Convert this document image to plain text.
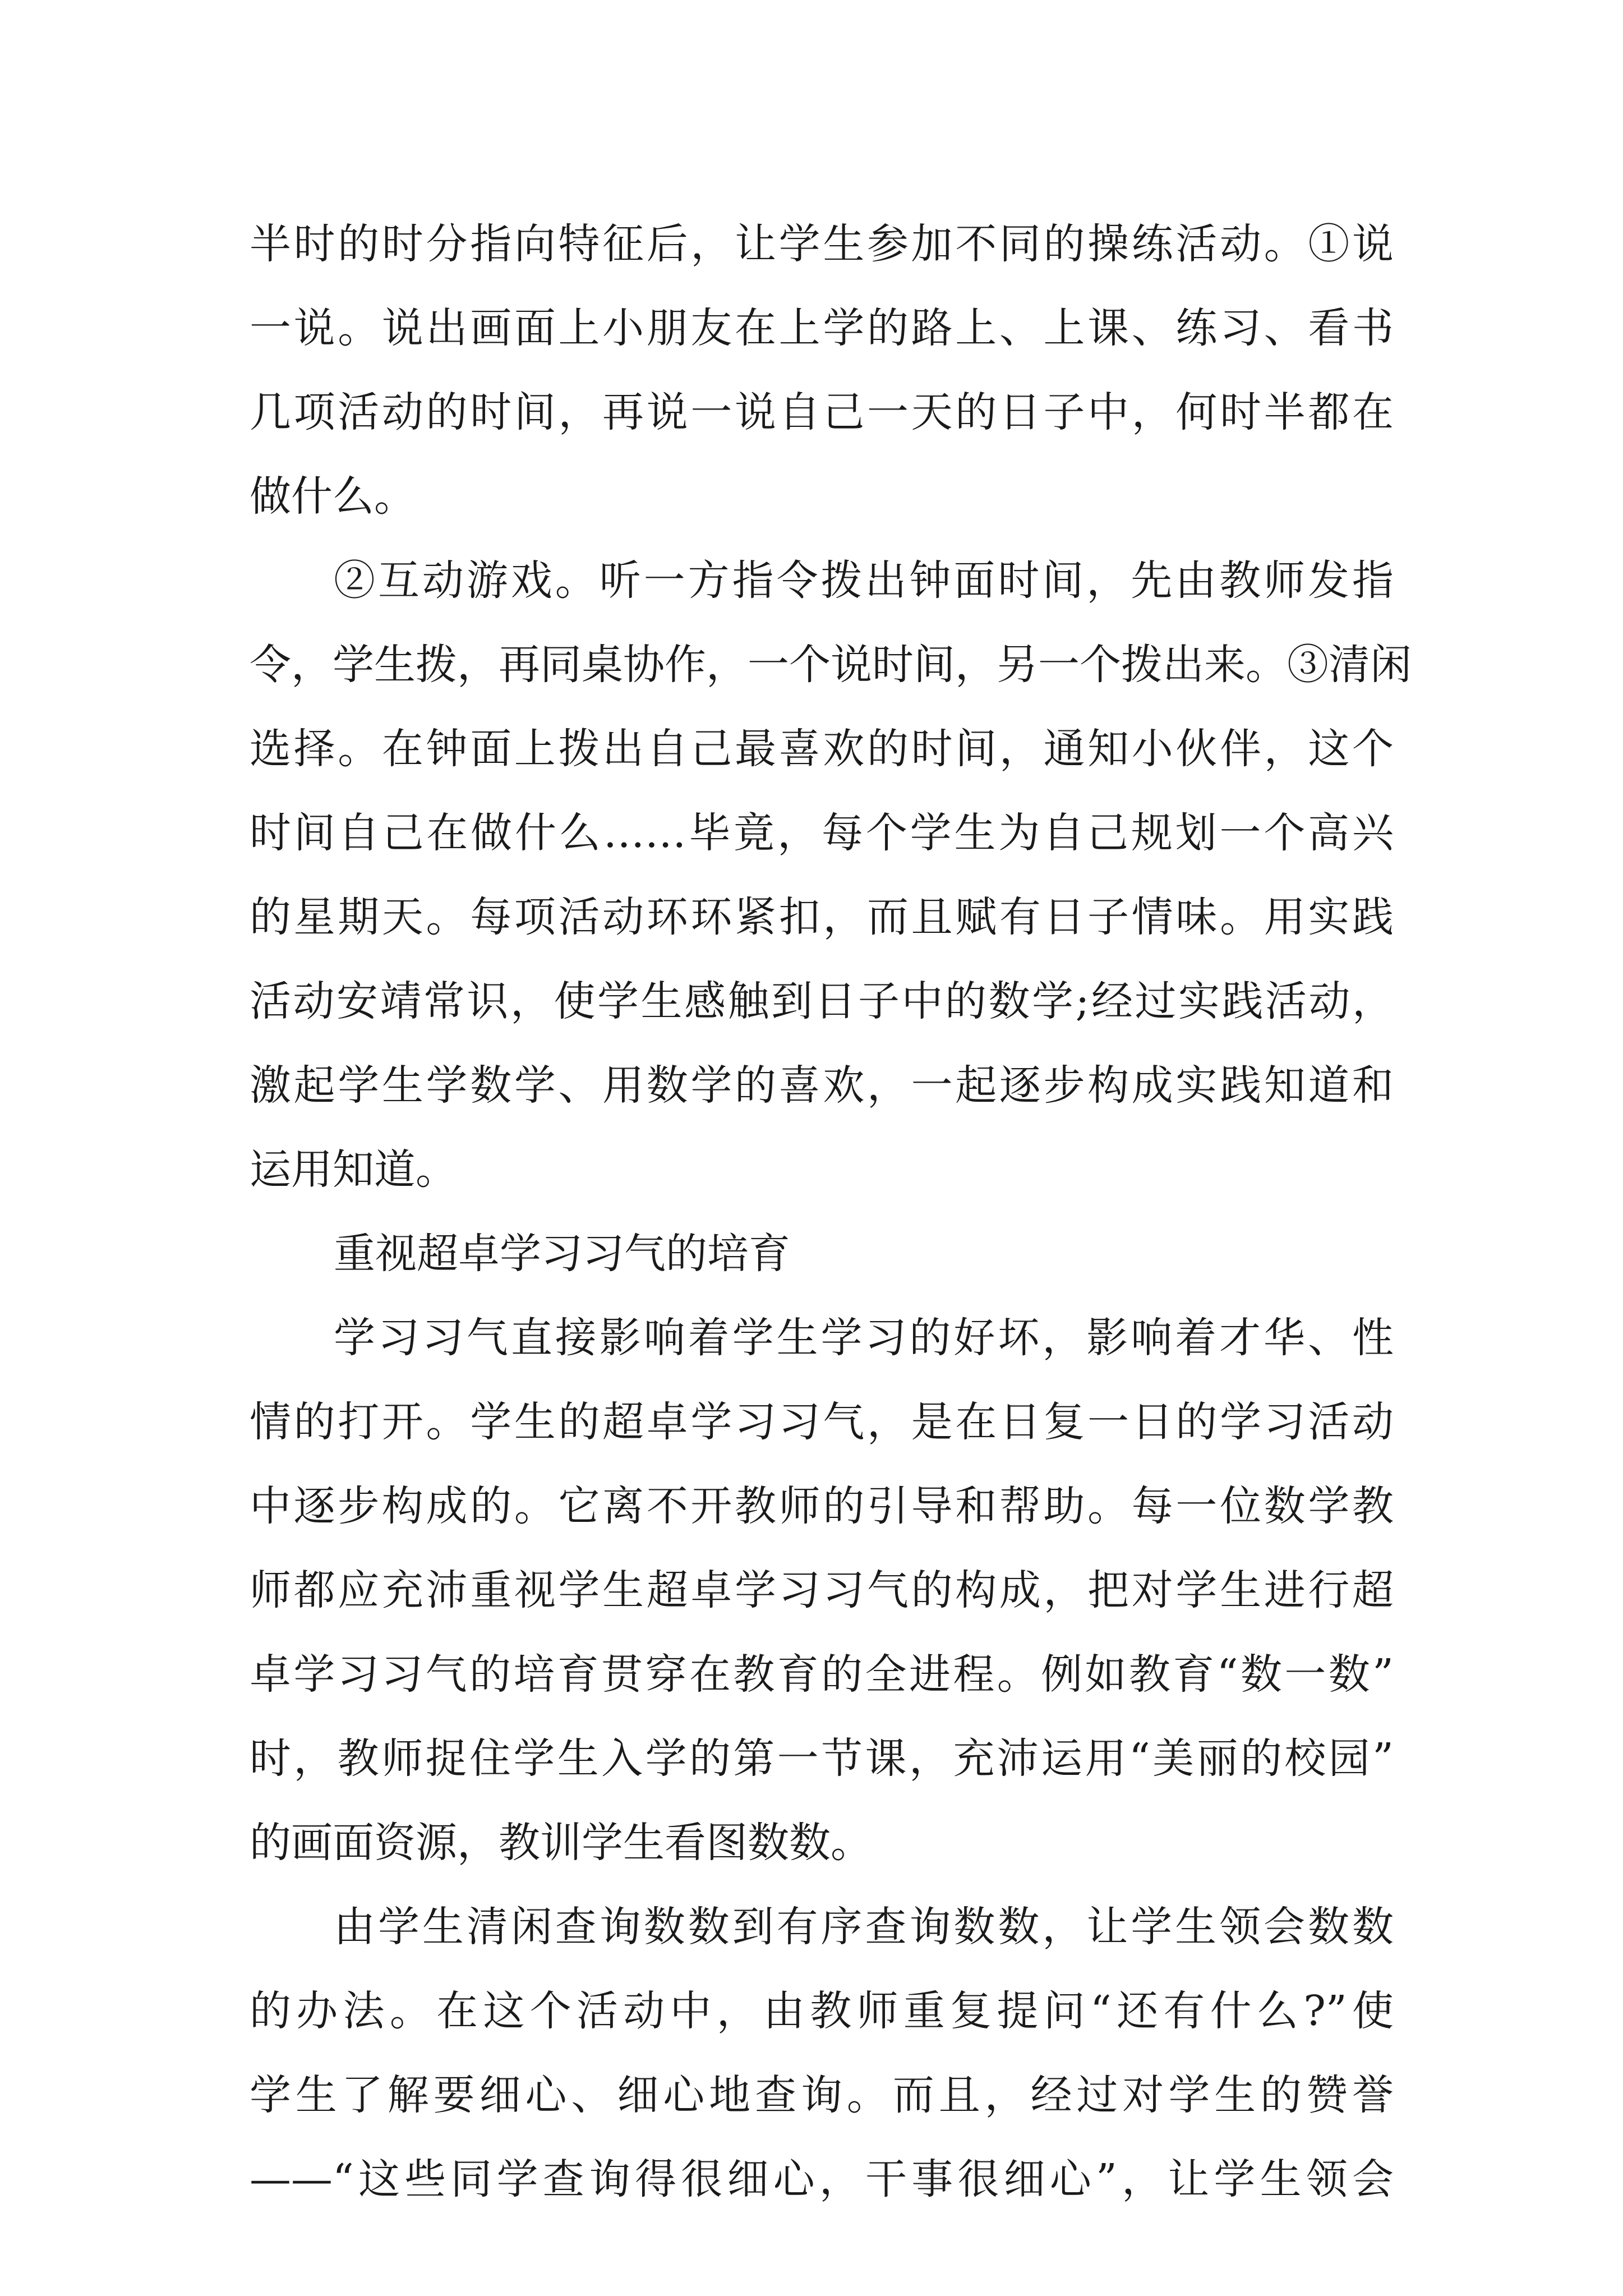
半时的时分指向特征后，让学生参加不同的操练活动。①说
一说。说出画面上小朋友在上学的路上、上课、练习、看书
几项活动的时间，再说一说自己一天的日子中，何时半都在
做什么。
②互动游戏。听一方指令拨出钟面时间，先由教师发指
令，学生拨，再同桌协作，一个说时间，另一个拨出来。③清闲
选择。在钟面上拨出自己最喜欢的时间，通知小伙伴，这个
时间自己在做什么……毕竟，每个学生为自己规划一个高兴
的星期天。每项活动环环紧扣，而且赋有日子情味。用实践
活动安靖常识，使学生感触到日子中的数学;经过实践活动，
激起学生学数学、用数学的喜欢，一起逐步构成实践知道和
运用知道。
重视超卓学习习气的培育
学习习气直接影响着学生学习的好坏，影响着才华、性
情的打开。学生的超卓学习习气，是在日复一日的学习活动
中逐步构成的。它离不开教师的引导和帮助。每一位数学教
师都应充沛重视学生超卓学习习气的构成，把对学生进行超
卓学习习气的培育贯穿在教育的全进程。例如教育“数一数”
时，教师捉住学生入学的第一节课，充沛运用“美丽的校园”
的画面资源，教训学生看图数数。
由学生清闲查询数数到有序查询数数，让学生领会数数
的办法。在这个活动中，由教师重复提问“还有什么?”使
学生了解要细心、细心地查询。而且，经过对学生的赞誉
——“这些同学查询得很细心，干事很细心”，让学生领会
